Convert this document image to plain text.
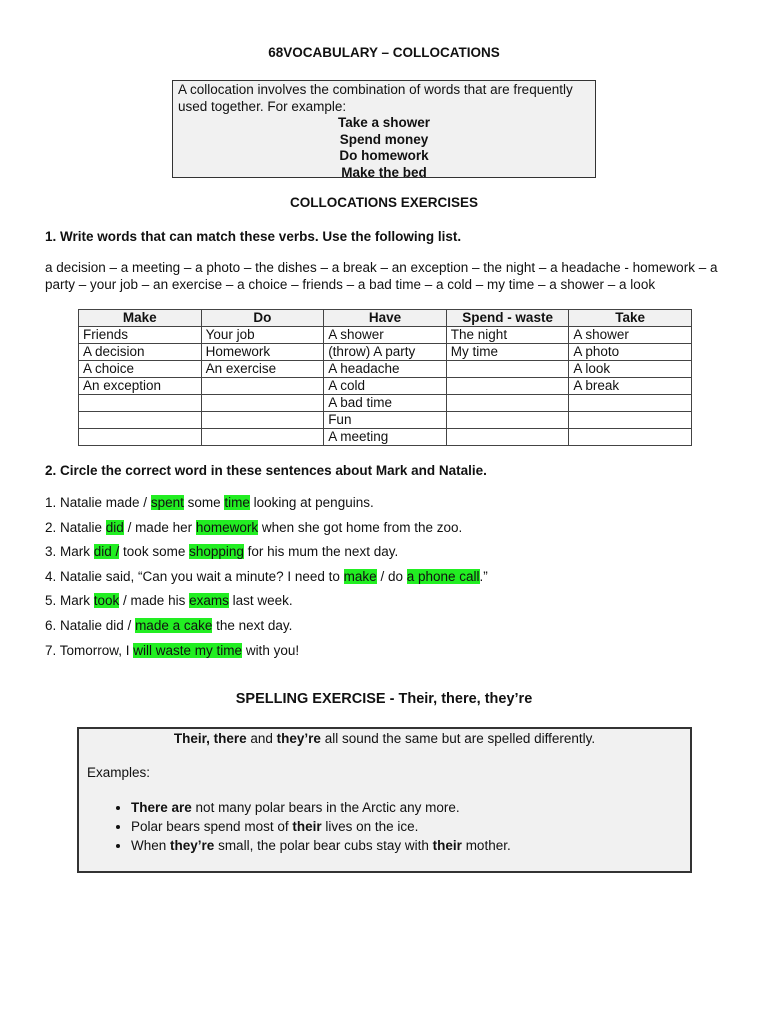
68VOCABULARY – COLLOCATIONS
A collocation involves the combination of words that are frequently used together. For example:
Take a shower
Spend money
Do homework
Make the bed
COLLOCATIONS EXERCISES
1. Write words that can match these verbs. Use the following list.
a decision – a meeting – a photo – the dishes – a break – an exception – the night – a headache - homework – a party – your job – an exercise – a choice – friends – a bad time – a cold – my time – a shower – a look
Make	Do	Have	Spend - waste	Take
Friends	Your job	A shower	The night	A shower
A decision	Homework	(throw) A party	My time	A photo
A choice	An exercise	A headache		A look
An exception		A cold		A break
		A bad time		
		Fun		
		A meeting		
2. Circle the correct word in these sentences about Mark and Natalie.
1. Natalie made / spent some time looking at penguins.
2. Natalie did / made her homework when she got home from the zoo.
3. Mark did / took some shopping for his mum the next day.
4. Natalie said, “Can you wait a minute? I need to make / do a phone call.”
5. Mark took / made his exams last week.
6. Natalie did / made a cake the next day.
7. Tomorrow, I will waste my time with you!
SPELLING EXERCISE - Their, there, they’re
Their, there and they’re all sound the same but are spelled differently.
Examples:
• There are not many polar bears in the Arctic any more.
• Polar bears spend most of their lives on the ice.
• When they’re small, the polar bear cubs stay with their mother.
